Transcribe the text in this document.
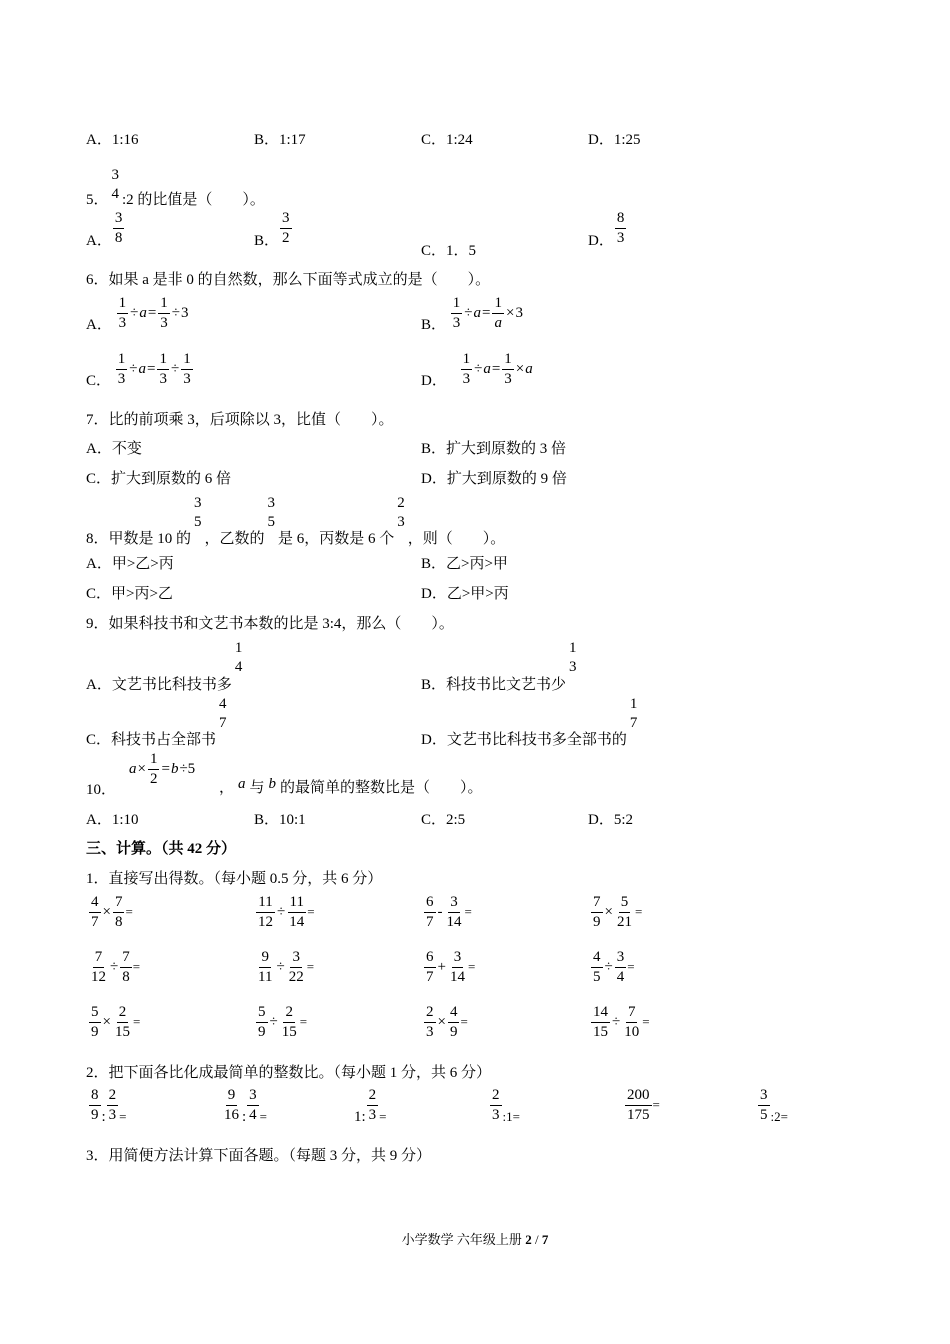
A．1:16	B．1:17	C．1:24	D．1:25
5．
3
4 :2 的比值是（　　）。
A． $\frac{3}{8}$	B． $\frac{3}{2}$
C．1．5
D． $\frac{8}{3}$
6．如果 a 是非 0 的自然数，那么下面等式成立的是（　　）。
A． $\frac{1}{3} \div a= \frac{1}{3} \div 3$
B． $\frac{1}{3} \div a= \frac{1}{a} \times 3$
C． $\frac{1}{3} \div a= \frac{1}{3} \div \frac{1}{3}$	D． $\frac{1}{3} \div a= \frac{1}{3} \times a$
7．比的前项乘 3，后项除以 3，比值（　　）。
A．不变	B．扩大到原数的 3 倍
C．扩大到原数的 6 倍	D．扩大到原数的 9 倍
8．甲数是 10 的
3
5
，乙数的
3
5
是 6，丙数是 6 个
2
3
，则（　　）。
A．甲>乙>丙	B．乙>丙>甲
C．甲>丙>乙	D．乙>甲>丙
9．如果科技书和文艺书本数的比是 3:4，那么（　　）。
A．文艺书比科技书多
1
4
B．科技书比文艺书少
1
3
C．科技书占全部书
4
7
D．文艺书比科技书多全部书的
1
7
10．
$a\times \frac{1}{2} =b\div 5$
， a 与 b 的最简单的整数比是（　　）。
A．1:10	B．10:1	C．2:5	D．5:2
三、计算。（共 42 分）
1．直接写出得数。（每小题 0.5 分，共 6 分）
$\frac{4}{7} \times \frac{7}{8}$ =	$\frac{11}{12} \div \frac{11}{14}$ =	$\frac{6}{7} - \frac{3}{14}$ =	$\frac{7}{9} \times \frac{5}{21}$ =
$\frac{7}{12} \div \frac{7}{8}$ =	$\frac{9}{11} \div \frac{3}{22}$ =	$\frac{6}{7} + \frac{3}{14}$ =	$\frac{4}{5} \div \frac{3}{4}$ =
$\frac{5}{9} \times \frac{2}{15}$ =	$\frac{5}{9} \div \frac{2}{15}$ =	$\frac{2}{3} \times \frac{4}{9}$ =	$\frac{14}{15} \div \frac{7}{10}$ =
2．把下面各比化成最简单的整数比。（每小题 1 分，共 6 分）
$\frac{8}{9}$ : $\frac{2}{3}$ =	$\frac{9}{16}$ : $\frac{3}{4}$ =	1: $\frac{2}{3}$ =	$\frac{2}{3}$ :1=	$\frac{200}{175}$ =	$\frac{3}{5}$ :2=
3．用简便方法计算下面各题。（每题 3 分，共 9 分）
小学数学 六年级上册 2 / 7
